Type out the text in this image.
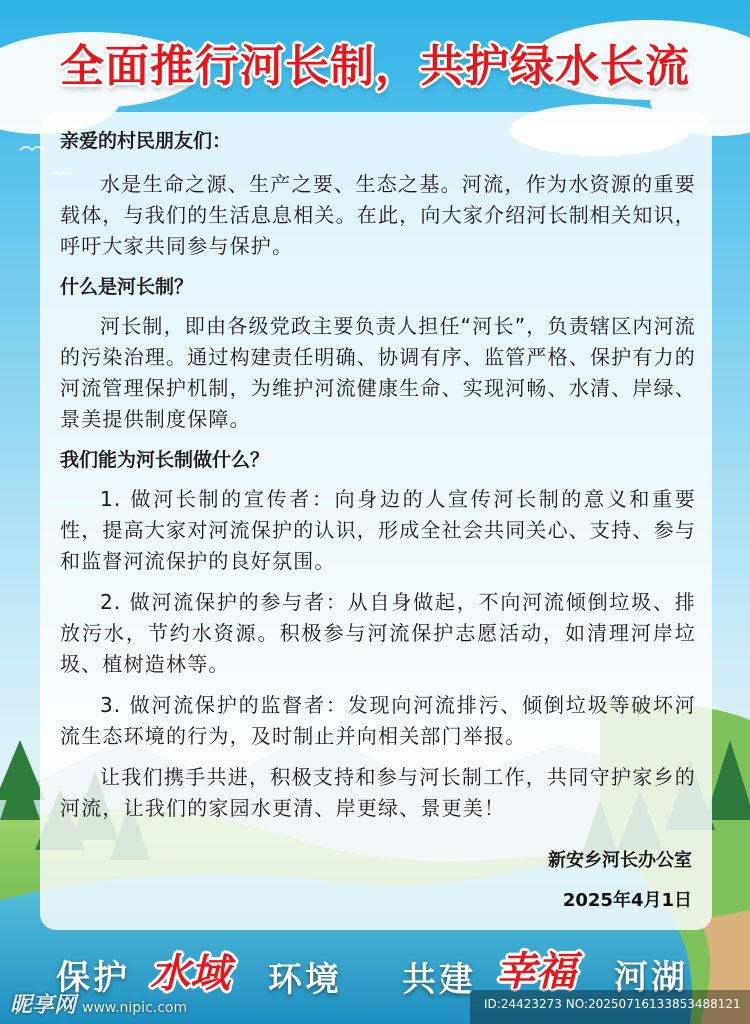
全面推行河长制，共护绿水长流

亲爱的村民朋友们：

水是生命之源、生产之要、生态之基。河流，作为水资源的重要载体，与我们的生活息息相关。在此，向大家介绍河长制相关知识，呼吁大家共同参与保护。

什么是河长制？

河长制，即由各级党政主要负责人担任“河长”，负责辖区内河流的污染治理。通过构建责任明确、协调有序、监管严格、保护有力的河流管理保护机制，为维护河流健康生命、实现河畅、水清、岸绿、景美提供制度保障。

我们能为河长制做什么？

1. 做河长制的宣传者：向身边的人宣传河长制的意义和重要性，提高大家对河流保护的认识，形成全社会共同关心、支持、参与和监督河流保护的良好氛围。

2. 做河流保护的参与者：从自身做起，不向河流倾倒垃圾、排放污水，节约水资源。积极参与河流保护志愿活动，如清理河岸垃圾、植树造林等。

3. 做河流保护的监督者：发现向河流排污、倾倒垃圾等破坏河流生态环境的行为，及时制止并向相关部门举报。

让我们携手共进，积极支持和参与河长制工作，共同守护家乡的河流，让我们的家园水更清、岸更绿、景更美！

新安乡河长办公室
2025年4月1日
保护 水域 环境 共建 幸福 河湖
昵享网 www.nipic.com	ID:24423273 NO:20250716133853488121
